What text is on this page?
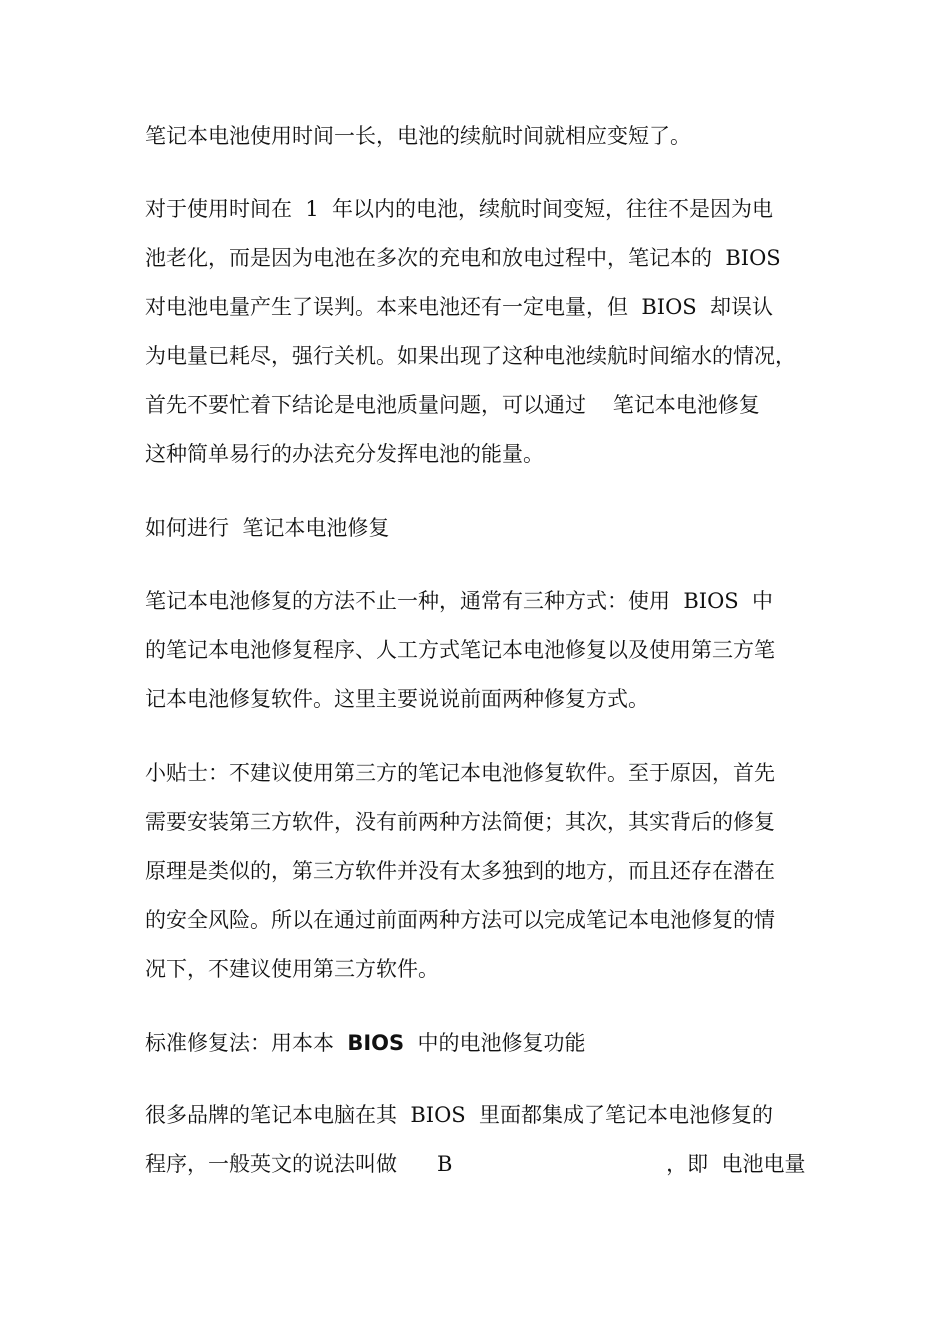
笔记本电池使用时间一长，电池的续航时间就相应变短了。

对于使用时间在  1  年以内的电池，续航时间变短，往往不是因为电
池老化，而是因为电池在多次的充电和放电过程中，笔记本的  BIOS
对电池电量产生了误判。本来电池还有一定电量，但  BIOS  却误认
为电量已耗尽，强行关机。如果出现了这种电池续航时间缩水的情况，
首先不要忙着下结论是电池质量问题，可以通过    笔记本电池修复
这种简单易行的办法充分发挥电池的能量。

如何进行  笔记本电池修复

笔记本电池修复的方法不止一种，通常有三种方式：使用  BIOS  中
的笔记本电池修复程序、人工方式笔记本电池修复以及使用第三方笔
记本电池修复软件。这里主要说说前面两种修复方式。

小贴士：不建议使用第三方的笔记本电池修复软件。至于原因，首先
需要安装第三方软件，没有前两种方法简便；其次，其实背后的修复
原理是类似的，第三方软件并没有太多独到的地方，而且还存在潜在
的安全风险。所以在通过前面两种方法可以完成笔记本电池修复的情
况下，不建议使用第三方软件。

标准修复法：用本本  BIOS  中的电池修复功能

很多品牌的笔记本电脑在其  BIOS  里面都集成了笔记本电池修复的
程序，一般英文的说法叫做      B                                ，即  电池电量
